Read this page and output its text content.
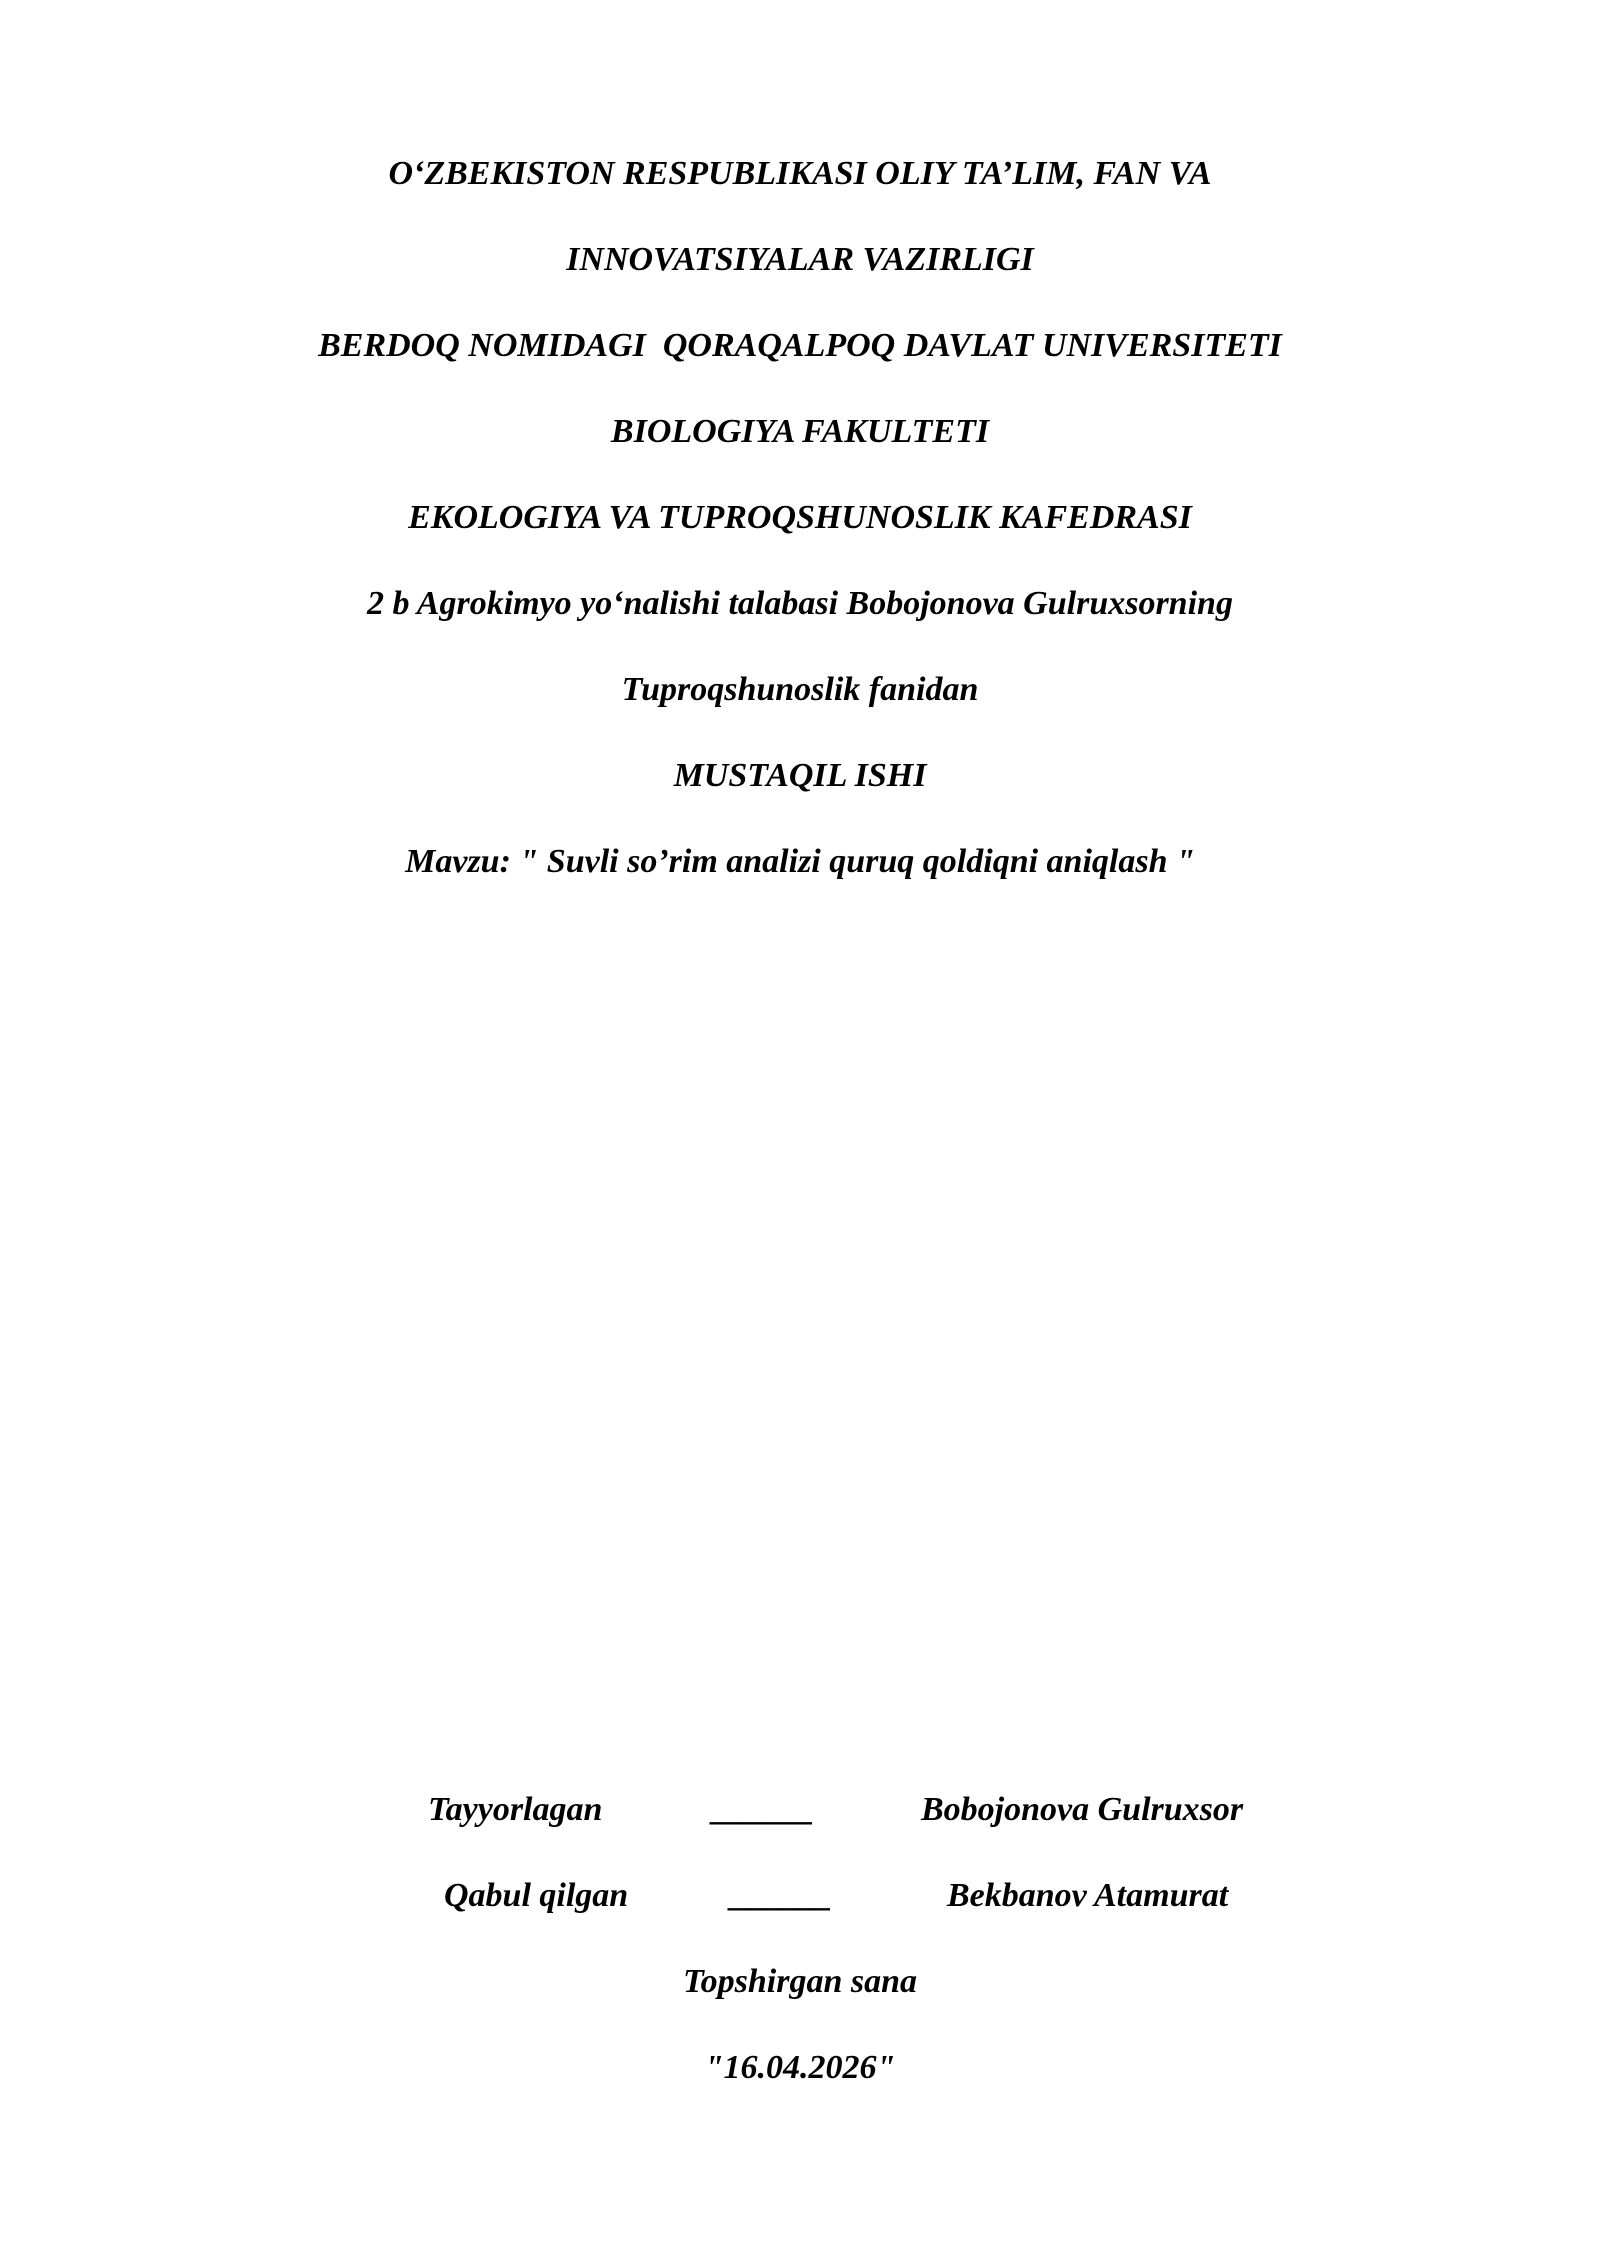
O‘ZBEKISTON RESPUBLIKASI OLIY TA’LIM, FAN VA
INNOVATSIYALAR VAZIRLIGI
BERDOQ NOMIDAGI  QORAQALPOQ DAVLAT UNIVERSITETI
BIOLOGIYA FAKULTETI
EKOLOGIYA VA TUPROQSHUNOSLIK KAFEDRASI
2 b Agrokimyo yo‘nalishi talabasi Bobojonova Gulruxsorning
Tuproqshunoslik fanidan
MUSTAQIL ISHI
Mavzu: " Suvli so’rim analizi quruq qoldiqni aniqlash "
Tayyorlagan	______	Bobojonova Gulruxsor
Qabul qilgan	______	Bekbanov Atamurat
Topshirgan sana
"16.04.2026"
